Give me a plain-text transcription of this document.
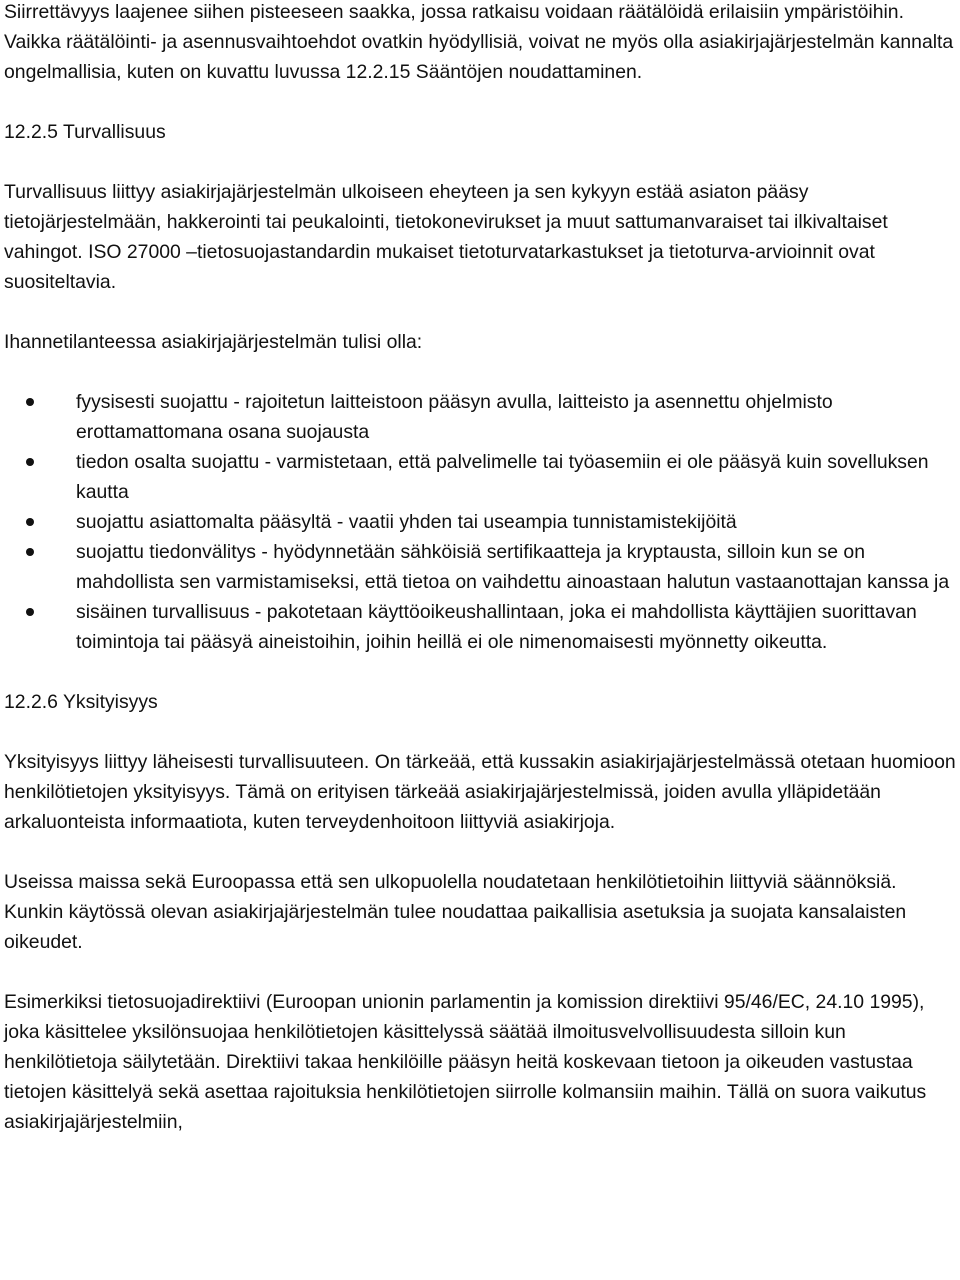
Siirrettävyys laajenee siihen pisteeseen saakka, jossa ratkaisu voidaan räätälöidä erilaisiin ympäristöihin. Vaikka räätälöinti- ja asennusvaihtoehdot ovatkin hyödyllisiä, voivat ne myös olla asiakirjajärjestelmän kannalta ongelmallisia, kuten on kuvattu luvussa 12.2.15 Sääntöjen noudattaminen.

12.2.5 Turvallisuus

Turvallisuus liittyy asiakirjajärjestelmän ulkoiseen eheyteen ja sen kykyyn estää asiaton pääsy tietojärjestelmään, hakkerointi tai peukalointi, tietokonevirukset ja muut sattumanvaraiset tai ilkivaltaiset vahingot. ISO 27000 –tietosuojastandardin mukaiset tietoturvatarkastukset ja tietoturva-arvioinnit ovat suositeltavia.

Ihannetilanteessa asiakirjajärjestelmän tulisi olla:

fyysisesti suojattu - rajoitetun laitteistoon pääsyn avulla, laitteisto ja asennettu ohjelmisto erottamattomana osana suojausta
tiedon osalta suojattu - varmistetaan, että palvelimelle tai työasemiin ei ole pääsyä kuin sovelluksen kautta
suojattu asiattomalta pääsyltä - vaatii yhden tai useampia tunnistamistekijöitä
suojattu tiedonvälitys - hyödynnetään sähköisiä sertifikaatteja ja kryptausta, silloin kun se on mahdollista sen varmistamiseksi, että tietoa on vaihdettu ainoastaan halutun vastaanottajan kanssa ja
sisäinen turvallisuus - pakotetaan käyttöoikeushallintaan, joka ei mahdollista käyttäjien suorittavan toimintoja tai pääsyä aineistoihin, joihin heillä ei ole nimenomaisesti myönnetty oikeutta.
12.2.6 Yksityisyys

Yksityisyys liittyy läheisesti turvallisuuteen. On tärkeää, että kussakin asiakirjajärjestelmässä otetaan huomioon henkilötietojen yksityisyys. Tämä on erityisen tärkeää asiakirjajärjestelmissä, joiden avulla ylläpidetään arkaluonteista informaatiota, kuten terveydenhoitoon liittyviä asiakirjoja.

Useissa maissa sekä Euroopassa että sen ulkopuolella noudatetaan henkilötietoihin liittyviä säännöksiä. Kunkin käytössä olevan asiakirjajärjestelmän tulee noudattaa paikallisia asetuksia ja suojata kansalaisten oikeudet.

Esimerkiksi tietosuojadirektiivi (Euroopan unionin parlamentin ja komission direktiivi 95/46/EC, 24.10 1995), joka käsittelee yksilönsuojaa henkilötietojen käsittelyssä säätää ilmoitusvelvollisuudesta silloin kun henkilötietoja säilytetään. Direktiivi takaa henkilöille pääsyn heitä koskevaan tietoon ja oikeuden vastustaa tietojen käsittelyä sekä asettaa rajoituksia henkilötietojen siirrolle kolmansiin maihin. Tällä on suora vaikutus asiakirjajärjestelmiin,
